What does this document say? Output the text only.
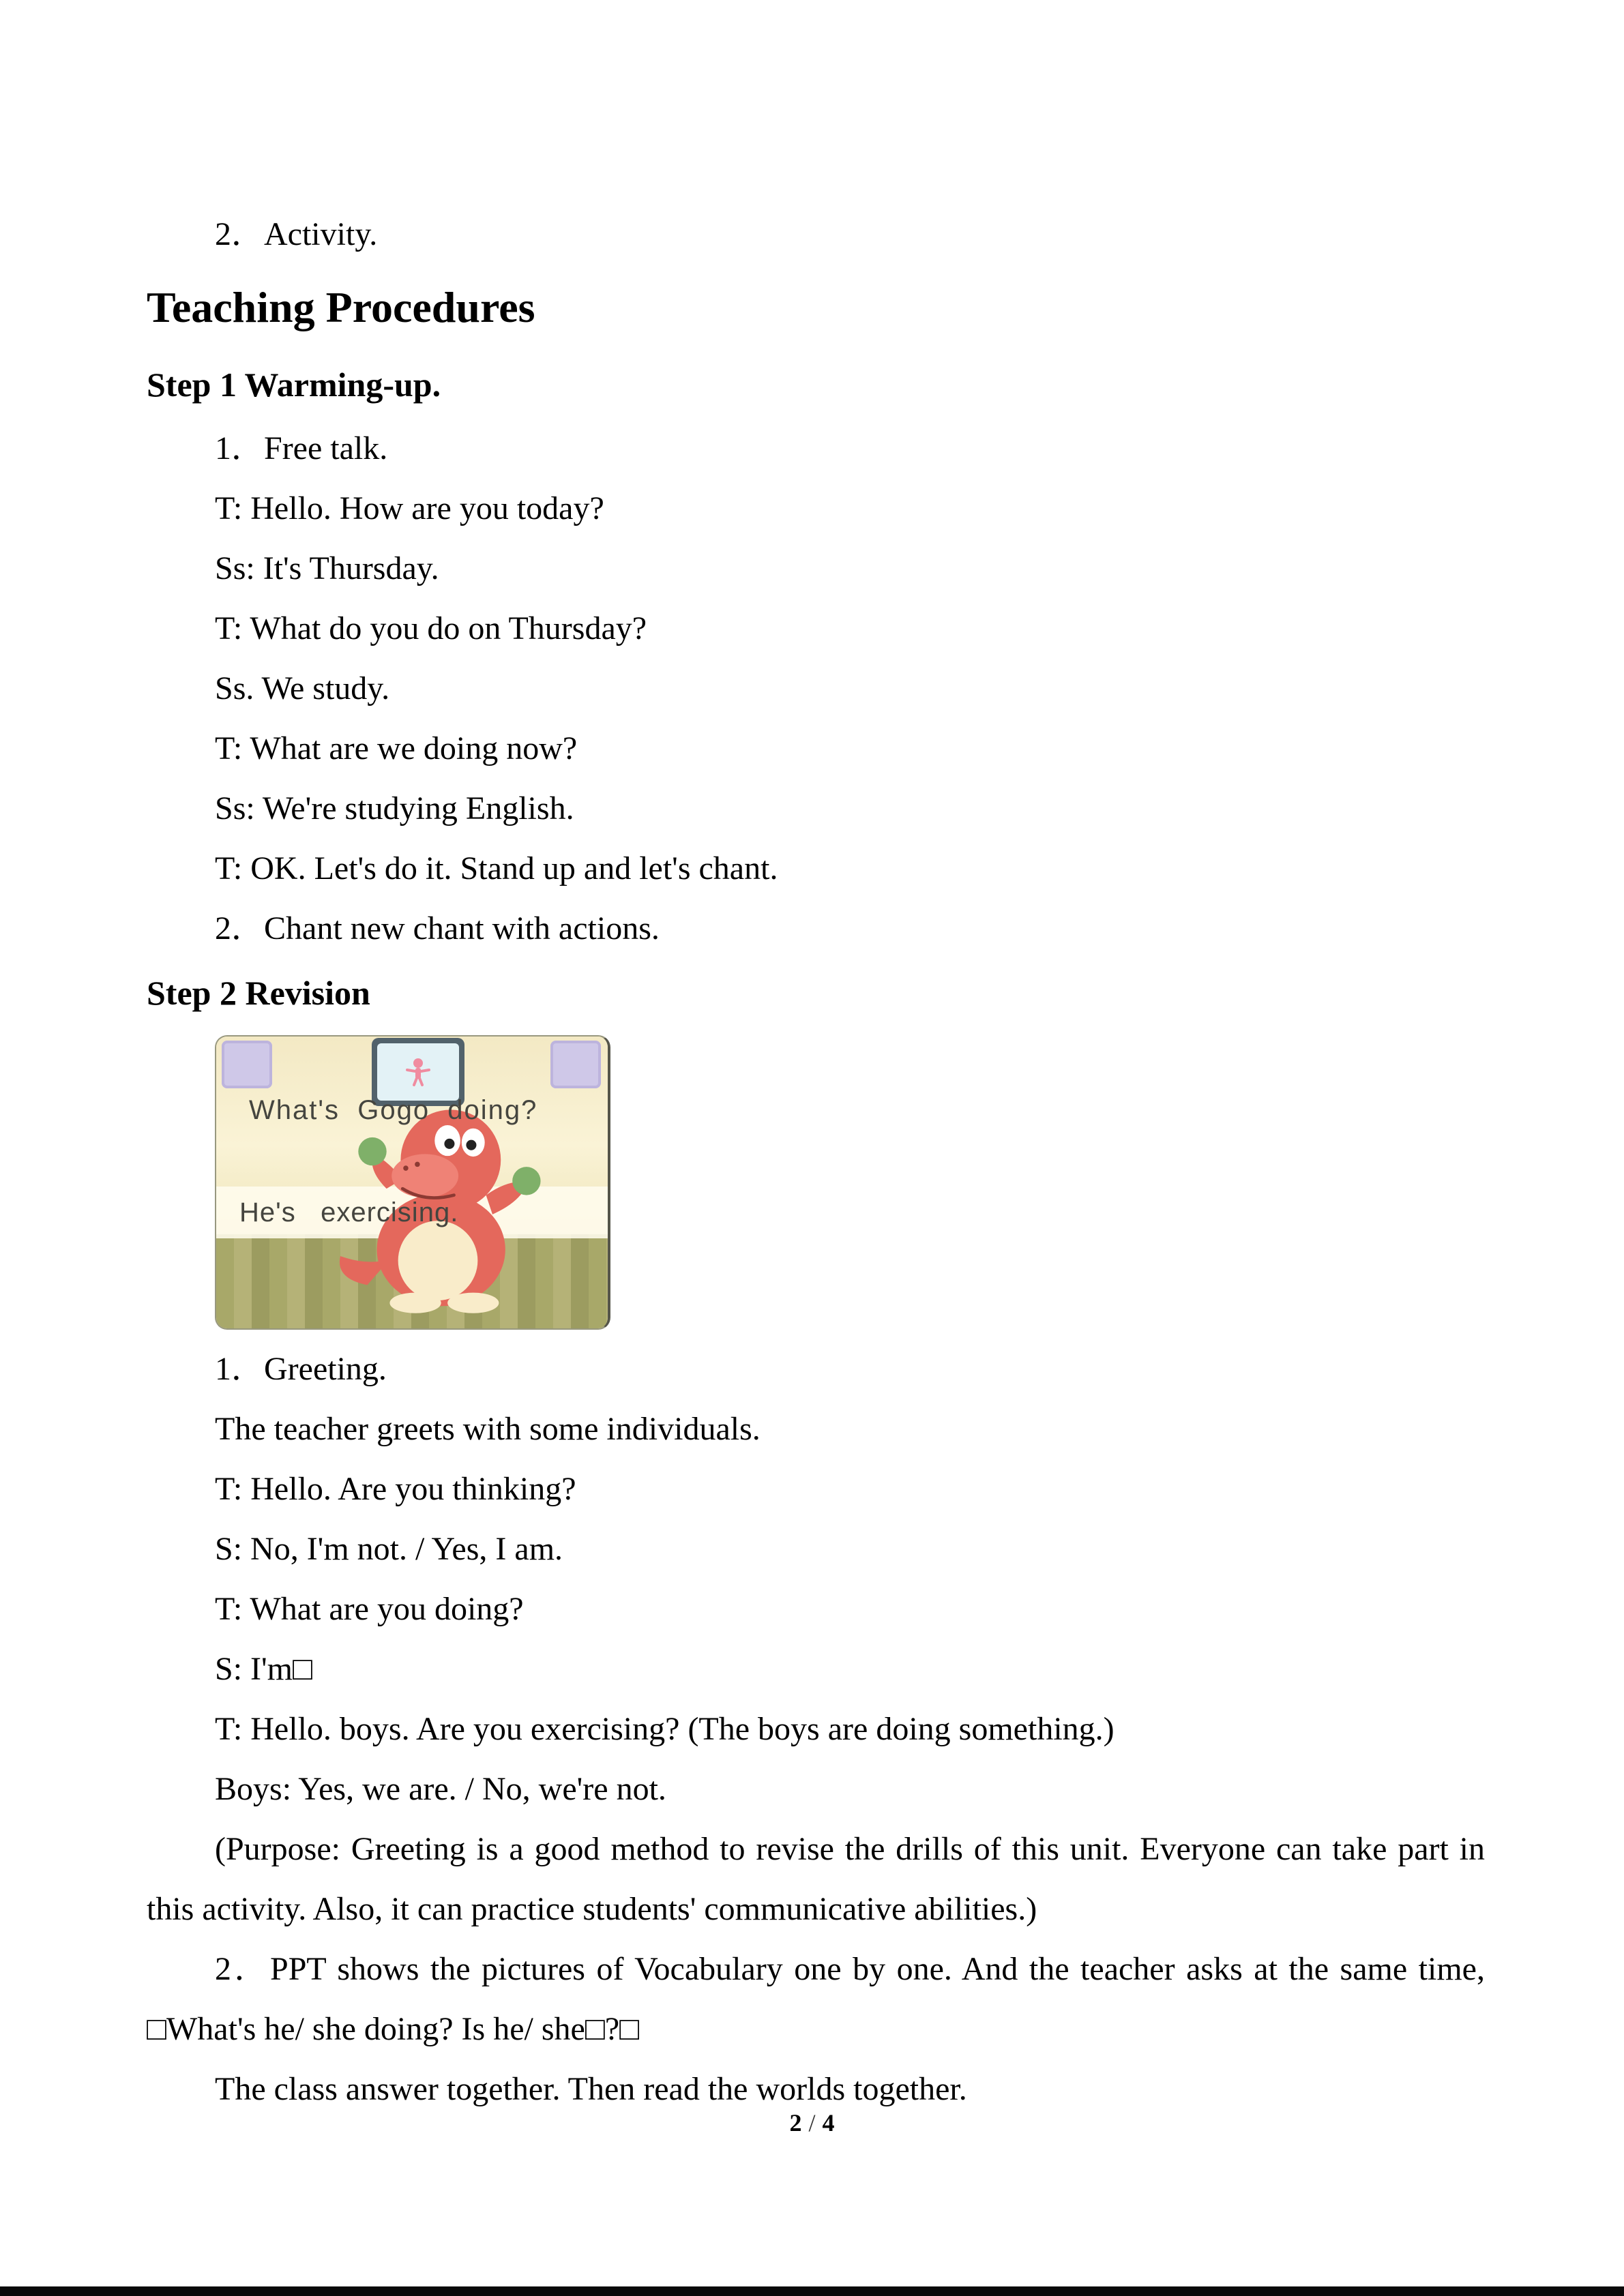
2．Activity.

Teaching Procedures

Step 1 Warming-up.

1．Free talk.

T: Hello. How are you today?

Ss: It's Thursday.

T: What do you do on Thursday?

Ss. We study.

T: What are we doing now?

Ss: We're studying English.

T: OK. Let's do it. Stand up and let's chant.

2．Chant new chant with actions.

Step 2 Revision

What's  Gogo  doing?
He's   exercising.

1．Greeting.

The teacher greets with some individuals.

T: Hello. Are you thinking?

S: No, I'm not. / Yes, I am.

T: What are you doing?

S: I'm□

T: Hello. boys. Are you exercising? (The boys are doing something.)

Boys: Yes, we are. / No, we're not.

(Purpose: Greeting is a good method to revise the drills of this unit. Everyone can take part in this activity. Also, it can practice students' communicative abilities.)

2．PPT shows the pictures of Vocabulary one by one. And the teacher asks at the same time, □What's he/ she doing? Is he/ she□?□

The class answer together. Then read the worlds together.

2 / 4
